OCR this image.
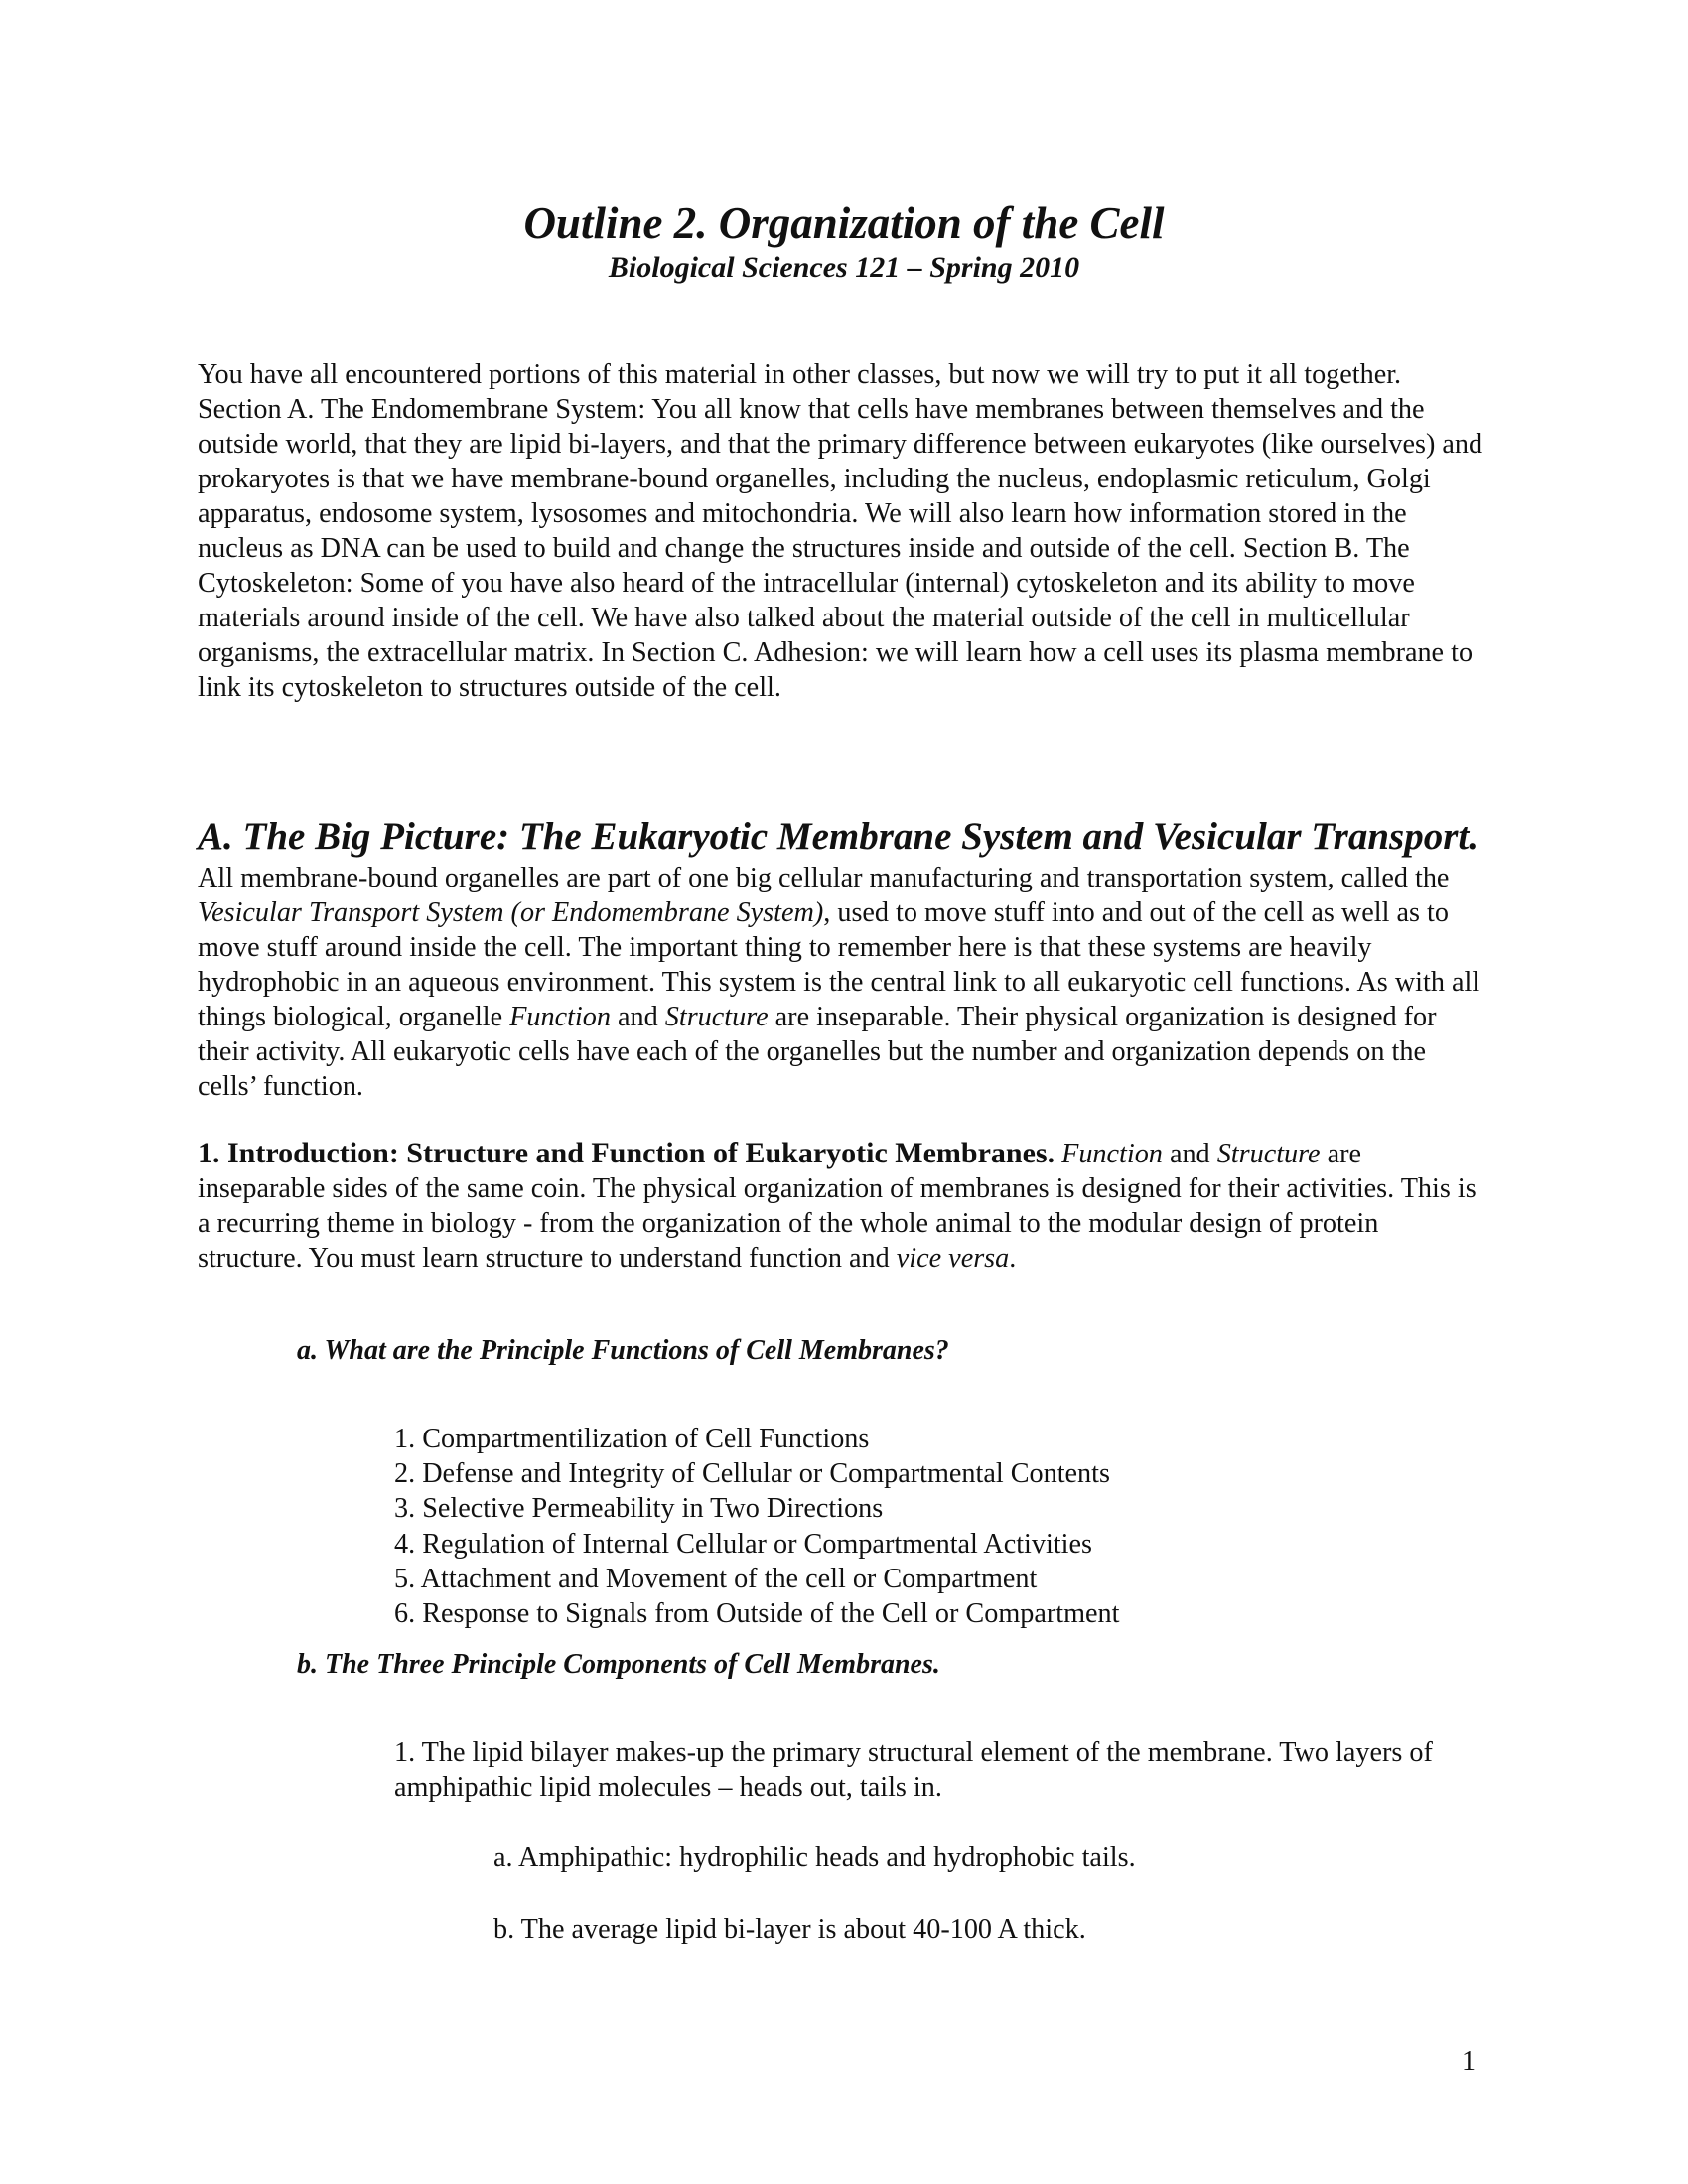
Outline 2. Organization of the Cell
Biological Sciences 121 – Spring 2010

You have all encountered portions of this material in other classes, but now we will try to put it all together. Section A. The Endomembrane System: You all know that cells have membranes between themselves and the outside world, that they are lipid bi-layers, and that the primary difference between eukaryotes (like ourselves) and prokaryotes is that we have membrane-bound organelles, including the nucleus, endoplasmic reticulum, Golgi apparatus, endosome system, lysosomes and mitochondria. We will also learn how information stored in the nucleus as DNA can be used to build and change the structures inside and outside of the cell. Section B. The Cytoskeleton: Some of you have also heard of the intracellular (internal) cytoskeleton and its ability to move materials around inside of the cell. We have also talked about the material outside of the cell in multicellular organisms, the extracellular matrix. In Section C. Adhesion: we will learn how a cell uses its plasma membrane to link its cytoskeleton to structures outside of the cell.

A. The Big Picture: The Eukaryotic Membrane System and Vesicular Transport.

All membrane-bound organelles are part of one big cellular manufacturing and transportation system, called the Vesicular Transport System (or Endomembrane System), used to move stuff into and out of the cell as well as to move stuff around inside the cell. The important thing to remember here is that these systems are heavily hydrophobic in an aqueous environment. This system is the central link to all eukaryotic cell functions. As with all things biological, organelle Function and Structure are inseparable. Their physical organization is designed for their activity. All eukaryotic cells have each of the organelles but the number and organization depends on the cells’ function.

1. Introduction: Structure and Function of Eukaryotic Membranes. Function and Structure are inseparable sides of the same coin. The physical organization of membranes is designed for their activities. This is a recurring theme in biology - from the organization of the whole animal to the modular design of protein structure. You must learn structure to understand function and vice versa.

a. What are the Principle Functions of Cell Membranes?
1. Compartmentilization of Cell Functions
2. Defense and Integrity of Cellular or Compartmental Contents
3. Selective Permeability in Two Directions
4. Regulation of Internal Cellular or Compartmental Activities
5. Attachment and Movement of the cell or Compartment
6. Response to Signals from Outside of the Cell or Compartment
b. The Three Principle Components of Cell Membranes.

1. The lipid bilayer makes-up the primary structural element of the membrane. Two layers of amphipathic lipid molecules – heads out, tails in.

a. Amphipathic: hydrophilic heads and hydrophobic tails.

b. The average lipid bi-layer is about 40-100 A thick.

1
